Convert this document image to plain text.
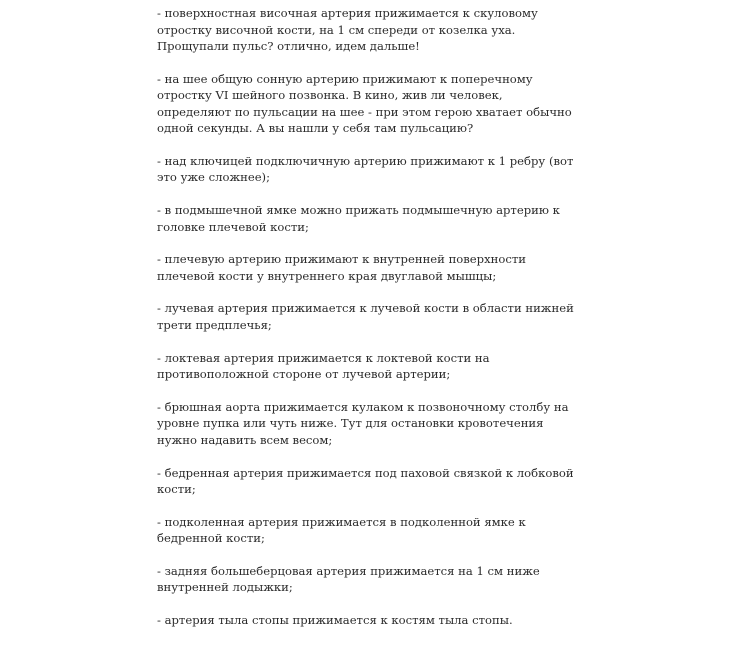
- поверхностная височная артерия прижимается к скуловому отростку височной кости, на 1 см спереди от козелка уха. Прощупали пульс? отлично, идем дальше!

- на шее общую сонную артерию прижимают к поперечному отростку VI шейного позвонка. В кино, жив ли человек, определяют по пульсации на шее - при этом герою хватает обычно одной секунды. А вы нашли у себя там пульсацию?

- над ключицей подключичную артерию прижимают к 1 ребру (вот это уже сложнее);

- в подмышечной ямке можно прижать подмышечную артерию к головке плечевой кости;

- плечевую артерию прижимают к внутренней поверхности плечевой кости у внутреннего края двуглавой мышцы;

- лучевая артерия прижимается к лучевой кости в области нижней трети предплечья;

- локтевая артерия прижимается к локтевой кости на противоположной стороне от лучевой артерии;

- брюшная аорта прижимается кулаком к позвоночному столбу на уровне пупка или чуть ниже. Тут для остановки кровотечения нужно надавить всем весом;

- бедренная артерия прижимается под паховой связкой к лобковой кости;

- подколенная артерия прижимается в подколенной ямке к бедренной кости;

- задняя большеберцовая артерия прижимается на 1 см ниже внутренней лодыжки;

- артерия тыла стопы прижимается к костям тыла стопы.
